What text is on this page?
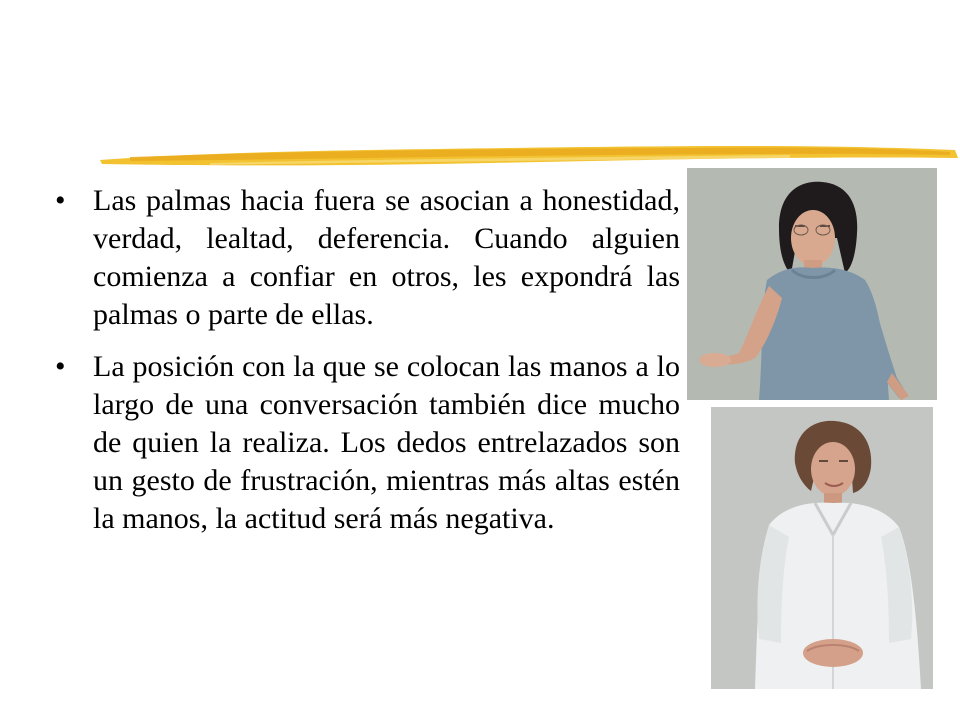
• Las palmas hacia fuera se asocian a honestidad, verdad, lealtad, deferencia. Cuando alguien comienza a confiar en otros, les expondrá las palmas o parte de ellas.
• La posición con la que se colocan las manos a lo largo de una conversación también dice mucho de quien la realiza. Los dedos entrelazados son un gesto de frustración, mientras más altas estén la manos, la actitud será más negativa.
